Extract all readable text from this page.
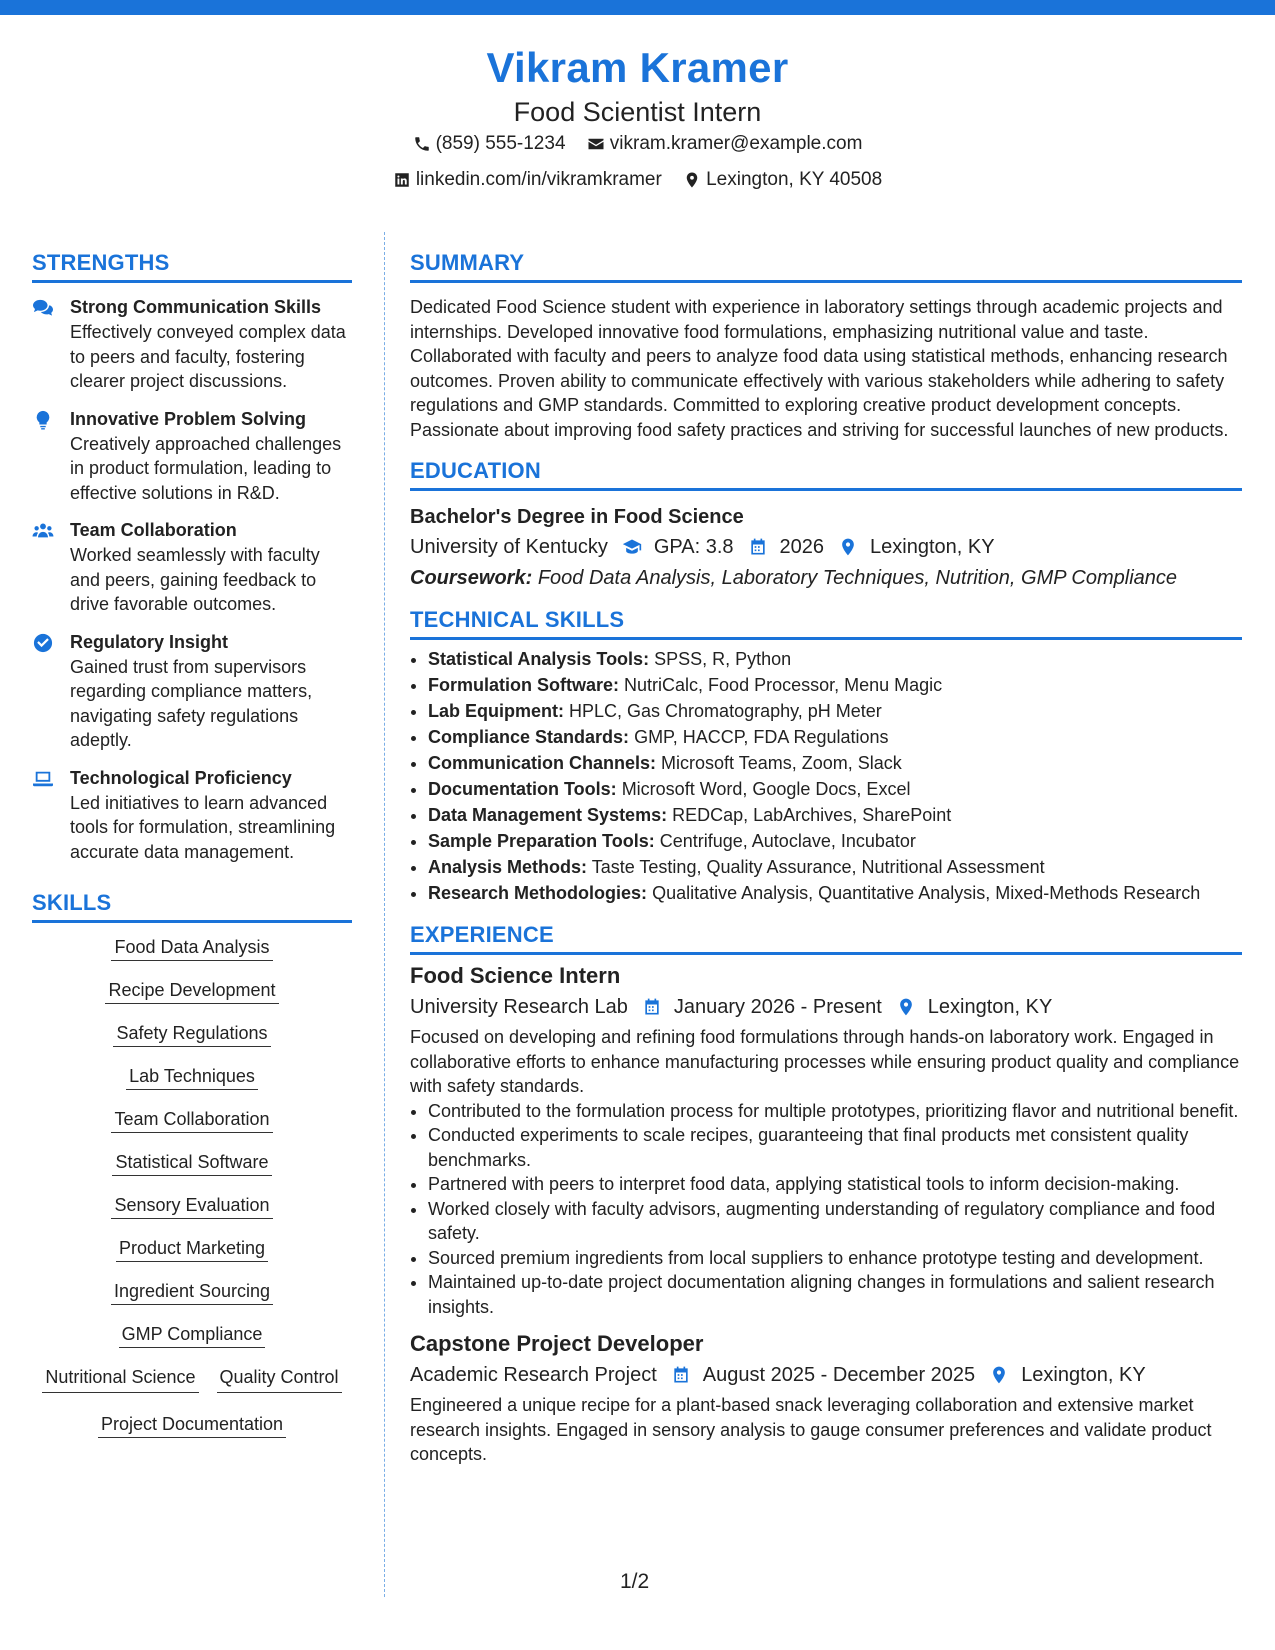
Vikram Kramer
Food Scientist Intern
(859) 555-1234
vikram.kramer@example.com
linkedin.com/in/vikramkramer
Lexington, KY 40508
STRENGTHS
Strong Communication Skills
Effectively conveyed complex data to peers and faculty, fostering clearer project discussions.
Innovative Problem Solving
Creatively approached challenges in product formulation, leading to effective solutions in R&D.
Team Collaboration
Worked seamlessly with faculty and peers, gaining feedback to drive favorable outcomes.
Regulatory Insight
Gained trust from supervisors regarding compliance matters, navigating safety regulations adeptly.
Technological Proficiency
Led initiatives to learn advanced tools for formulation, streamlining accurate data management.
SKILLS
Food Data Analysis
Recipe Development
Safety Regulations
Lab Techniques
Team Collaboration
Statistical Software
Sensory Evaluation
Product Marketing
Ingredient Sourcing
GMP Compliance
Nutritional Science Quality Control
Project Documentation
SUMMARY

Dedicated Food Science student with experience in laboratory settings through academic projects and internships. Developed innovative food formulations, emphasizing nutritional value and taste. Collaborated with faculty and peers to analyze food data using statistical methods, enhancing research outcomes. Proven ability to communicate effectively with various stakeholders while adhering to safety regulations and GMP standards. Committed to exploring creative product development concepts. Passionate about improving food safety practices and striving for successful launches of new products.

EDUCATION
Bachelor's Degree in Food Science
University of Kentucky GPA: 3.8 2026 Lexington, KY
Coursework: Food Data Analysis, Laboratory Techniques, Nutrition, GMP Compliance
TECHNICAL SKILLS
• Statistical Analysis Tools: SPSS, R, Python
• Formulation Software: NutriCalc, Food Processor, Menu Magic
• Lab Equipment: HPLC, Gas Chromatography, pH Meter
• Compliance Standards: GMP, HACCP, FDA Regulations
• Communication Channels: Microsoft Teams, Zoom, Slack
• Documentation Tools: Microsoft Word, Google Docs, Excel
• Data Management Systems: REDCap, LabArchives, SharePoint
• Sample Preparation Tools: Centrifuge, Autoclave, Incubator
• Analysis Methods: Taste Testing, Quality Assurance, Nutritional Assessment
• Research Methodologies: Qualitative Analysis, Quantitative Analysis, Mixed-Methods Research
EXPERIENCE
Food Science Intern
University Research Lab January 2026 - Present Lexington, KY

Focused on developing and refining food formulations through hands-on laboratory work. Engaged in collaborative efforts to enhance manufacturing processes while ensuring product quality and compliance with safety standards.

• Contributed to the formulation process for multiple prototypes, prioritizing flavor and nutritional benefit.
• Conducted experiments to scale recipes, guaranteeing that final products met consistent quality benchmarks.
• Partnered with peers to interpret food data, applying statistical tools to inform decision-making.
• Worked closely with faculty advisors, augmenting understanding of regulatory compliance and food safety.
• Sourced premium ingredients from local suppliers to enhance prototype testing and development.
• Maintained up-to-date project documentation aligning changes in formulations and salient research insights.
Capstone Project Developer
Academic Research Project August 2025 - December 2025 Lexington, KY

Engineered a unique recipe for a plant-based snack leveraging collaboration and extensive market research insights. Engaged in sensory analysis to gauge consumer preferences and validate product concepts.

1/2
